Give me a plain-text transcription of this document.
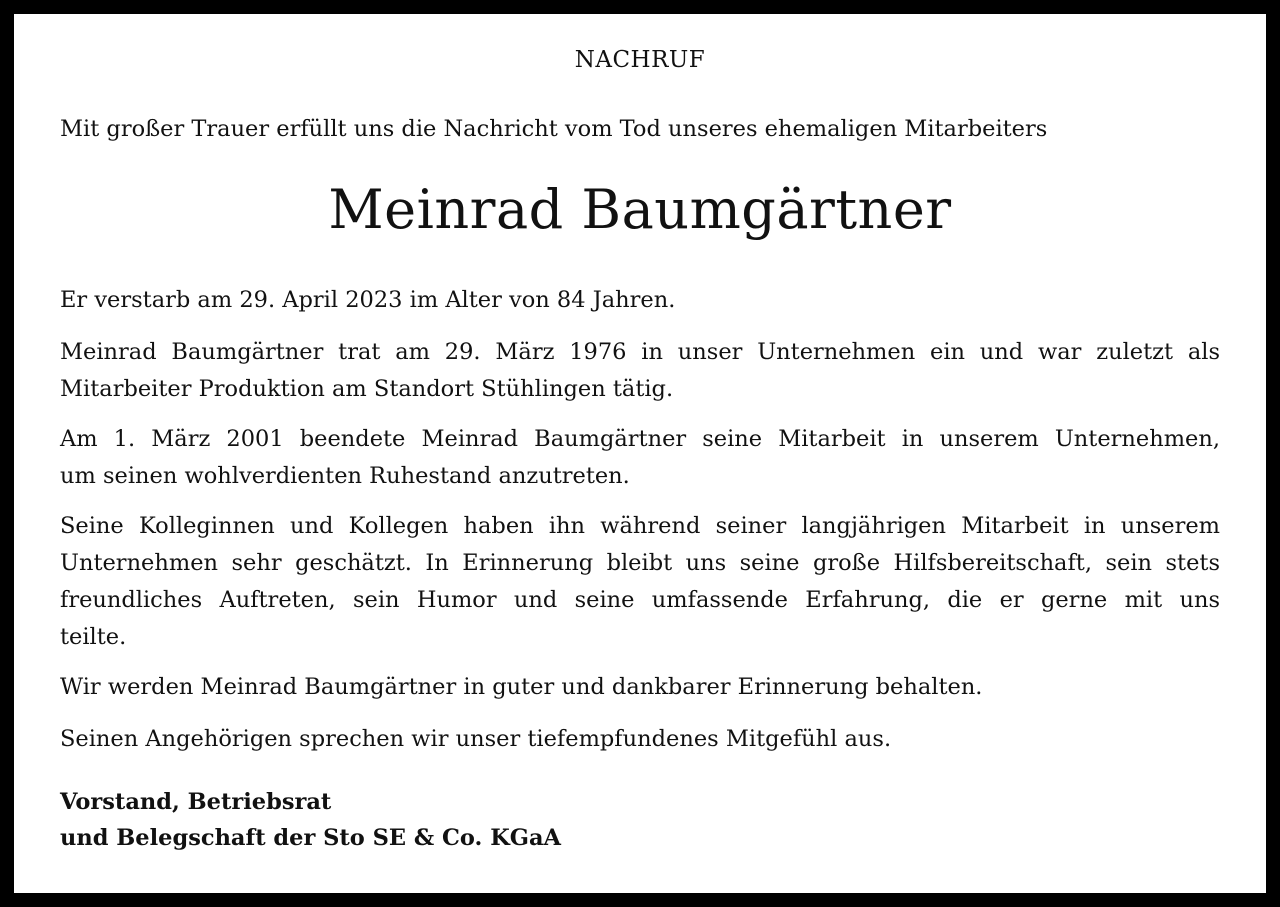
NACHRUF
Mit großer Trauer erfüllt uns die Nachricht vom Tod unseres ehemaligen Mitarbeiters
Meinrad Baumgärtner

Er verstarb am 29. April 2023 im Alter von 84 Jahren.

Meinrad Baumgärtner trat am 29. März 1976 in unser Unternehmen ein und war zuletzt als
Mitarbeiter Produktion am Standort Stühlingen tätig.

Am 1. März 2001 beendete Meinrad Baumgärtner seine Mitarbeit in unserem Unternehmen,
um seinen wohlverdienten Ruhestand anzutreten.

Seine Kolleginnen und Kollegen haben ihn während seiner langjährigen Mitarbeit in unserem
Unternehmen sehr geschätzt. In Erinnerung bleibt uns seine große Hilfsbereitschaft, sein stets
freundliches Auftreten, sein Humor und seine umfassende Erfahrung, die er gerne mit uns
teilte.

Wir werden Meinrad Baumgärtner in guter und dankbarer Erinnerung behalten.

Seinen Angehörigen sprechen wir unser tiefempfundenes Mitgefühl aus.

Vorstand, Betriebsrat
und Belegschaft der Sto SE & Co. KGaA
